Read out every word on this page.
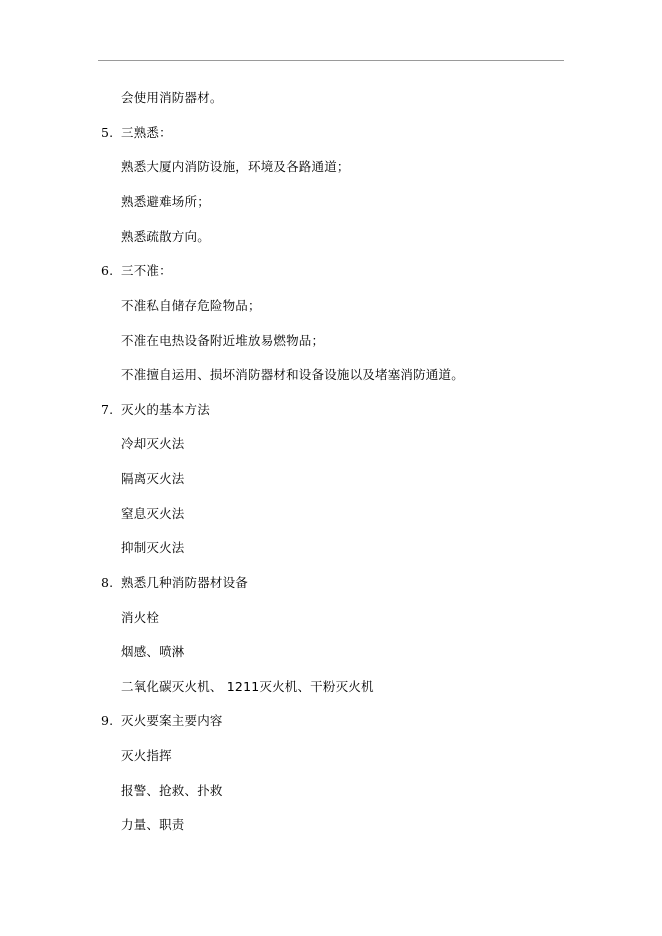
会使用消防器材。
5. 三熟悉：
熟悉大厦内消防设施，环境及各路通道；
熟悉避难场所；
熟悉疏散方向。
6. 三不准：
不准私自储存危险物品；
不准在电热设备附近堆放易燃物品；
不准擅自运用、损坏消防器材和设备设施以及堵塞消防通道。
7. 灭火的基本方法
冷却灭火法
隔离灭火法
窒息灭火法
抑制灭火法
8. 熟悉几种消防器材设备
消火栓
烟感、喷淋
二氧化碳灭火机、 1211灭火机、干粉灭火机
9. 灭火要案主要内容
灭火指挥
报警、抢救、扑救
力量、职责
